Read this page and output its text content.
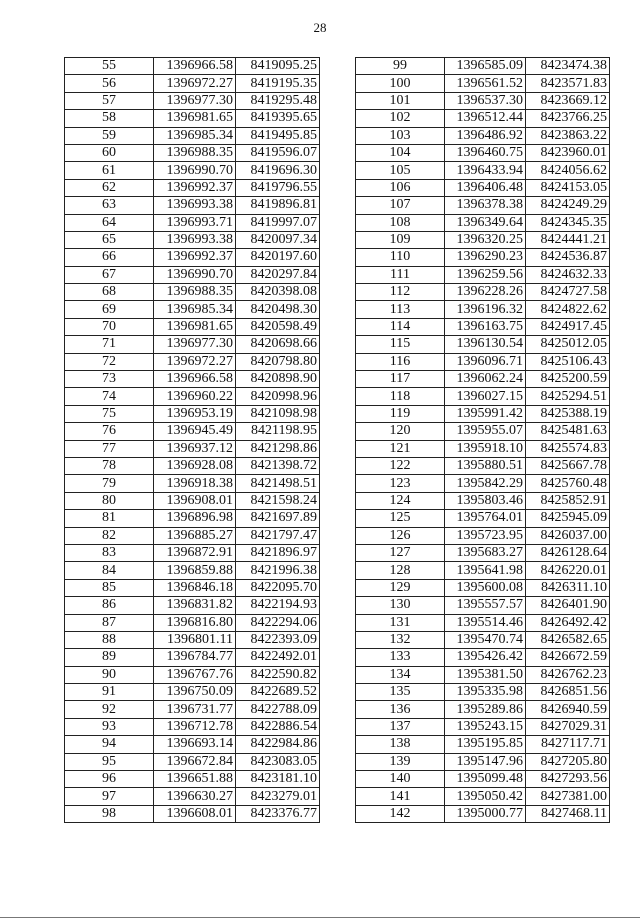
28
55	1396966.58	8419095.25
56	1396972.27	8419195.35
57	1396977.30	8419295.48
58	1396981.65	8419395.65
59	1396985.34	8419495.85
60	1396988.35	8419596.07
61	1396990.70	8419696.30
62	1396992.37	8419796.55
63	1396993.38	8419896.81
64	1396993.71	8419997.07
65	1396993.38	8420097.34
66	1396992.37	8420197.60
67	1396990.70	8420297.84
68	1396988.35	8420398.08
69	1396985.34	8420498.30
70	1396981.65	8420598.49
71	1396977.30	8420698.66
72	1396972.27	8420798.80
73	1396966.58	8420898.90
74	1396960.22	8420998.96
75	1396953.19	8421098.98
76	1396945.49	8421198.95
77	1396937.12	8421298.86
78	1396928.08	8421398.72
79	1396918.38	8421498.51
80	1396908.01	8421598.24
81	1396896.98	8421697.89
82	1396885.27	8421797.47
83	1396872.91	8421896.97
84	1396859.88	8421996.38
85	1396846.18	8422095.70
86	1396831.82	8422194.93
87	1396816.80	8422294.06
88	1396801.11	8422393.09
89	1396784.77	8422492.01
90	1396767.76	8422590.82
91	1396750.09	8422689.52
92	1396731.77	8422788.09
93	1396712.78	8422886.54
94	1396693.14	8422984.86
95	1396672.84	8423083.05
96	1396651.88	8423181.10
97	1396630.27	8423279.01
98	1396608.01	8423376.77
99	1396585.09	8423474.38
100	1396561.52	8423571.83
101	1396537.30	8423669.12
102	1396512.44	8423766.25
103	1396486.92	8423863.22
104	1396460.75	8423960.01
105	1396433.94	8424056.62
106	1396406.48	8424153.05
107	1396378.38	8424249.29
108	1396349.64	8424345.35
109	1396320.25	8424441.21
110	1396290.23	8424536.87
111	1396259.56	8424632.33
112	1396228.26	8424727.58
113	1396196.32	8424822.62
114	1396163.75	8424917.45
115	1396130.54	8425012.05
116	1396096.71	8425106.43
117	1396062.24	8425200.59
118	1396027.15	8425294.51
119	1395991.42	8425388.19
120	1395955.07	8425481.63
121	1395918.10	8425574.83
122	1395880.51	8425667.78
123	1395842.29	8425760.48
124	1395803.46	8425852.91
125	1395764.01	8425945.09
126	1395723.95	8426037.00
127	1395683.27	8426128.64
128	1395641.98	8426220.01
129	1395600.08	8426311.10
130	1395557.57	8426401.90
131	1395514.46	8426492.42
132	1395470.74	8426582.65
133	1395426.42	8426672.59
134	1395381.50	8426762.23
135	1395335.98	8426851.56
136	1395289.86	8426940.59
137	1395243.15	8427029.31
138	1395195.85	8427117.71
139	1395147.96	8427205.80
140	1395099.48	8427293.56
141	1395050.42	8427381.00
142	1395000.77	8427468.11
